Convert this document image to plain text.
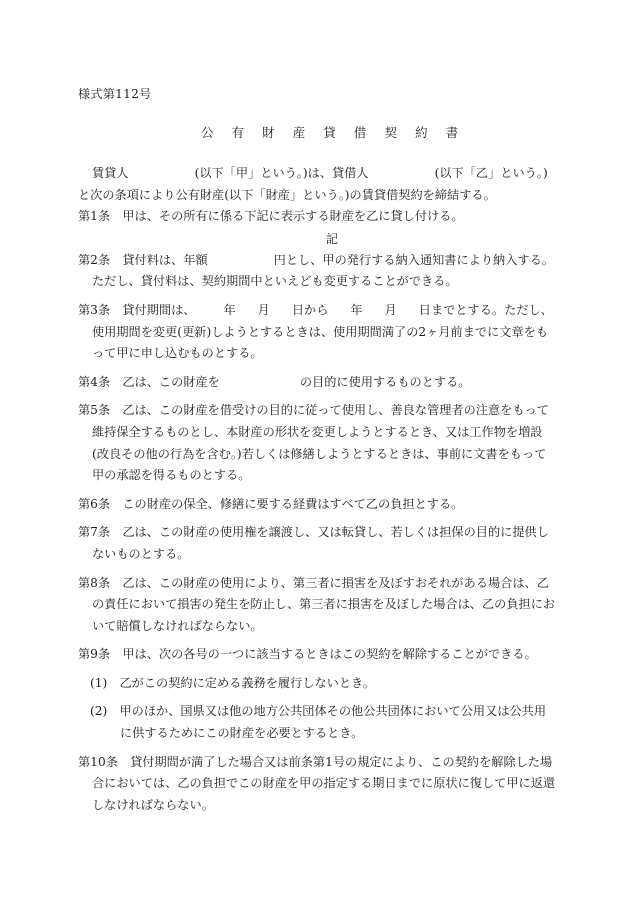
様式第112号
公 有 財 産 貸 借 契 約 書

賃貸人	(以下「甲」という。)は、貸借人	(以下「乙」という。)と次の条項により公有財産(以下「財産」という。)の賃貸借契約を締結する。

第1条　甲は、その所有に係る下記に表示する財産を乙に貸し付ける。

記

第2条　貸付料は、年額	円とし、甲の発行する納入通知書により納入する。ただし、貸付料は、契約期間中といえども変更することができる。

第3条　貸付期間は、 年 月 日から 年 月 日までとする。ただし、使用期間を変更(更新)しようとするときは、使用期間満了の2ヶ月前までに文章をもって甲に申し込むものとする。

第4条　乙は、この財産を	の目的に使用するものとする。

第5条　乙は、この財産を借受けの目的に従って使用し、善良な管理者の注意をもって維持保全するものとし、本財産の形状を変更しようとするとき、又は工作物を増設(改良その他の行為を含む。)若しくは修繕しようとするときは、事前に文書をもって甲の承認を得るものとする。

第6条　この財産の保全、修繕に要する経費はすべて乙の負担とする。

第7条　乙は、この財産の使用権を譲渡し、又は転貸し、若しくは担保の目的に提供しないものとする。

第8条　乙は、この財産の使用により、第三者に損害を及ぼすおそれがある場合は、乙の責任において損害の発生を防止し、第三者に損害を及ぼした場合は、乙の負担において賠償しなければならない。

第9条　甲は、次の各号の一つに該当するときはこの契約を解除することができる。

(1)　乙がこの契約に定める義務を履行しないとき。

(2)　甲のほか、国県又は他の地方公共団体その他公共団体において公用又は公共用に供するためにこの財産を必要とするとき。

第10条　貸付期間が満了した場合又は前条第1号の規定により、この契約を解除した場合においては、乙の負担でこの財産を甲の指定する期日までに原状に復して甲に返還しなければならない。
